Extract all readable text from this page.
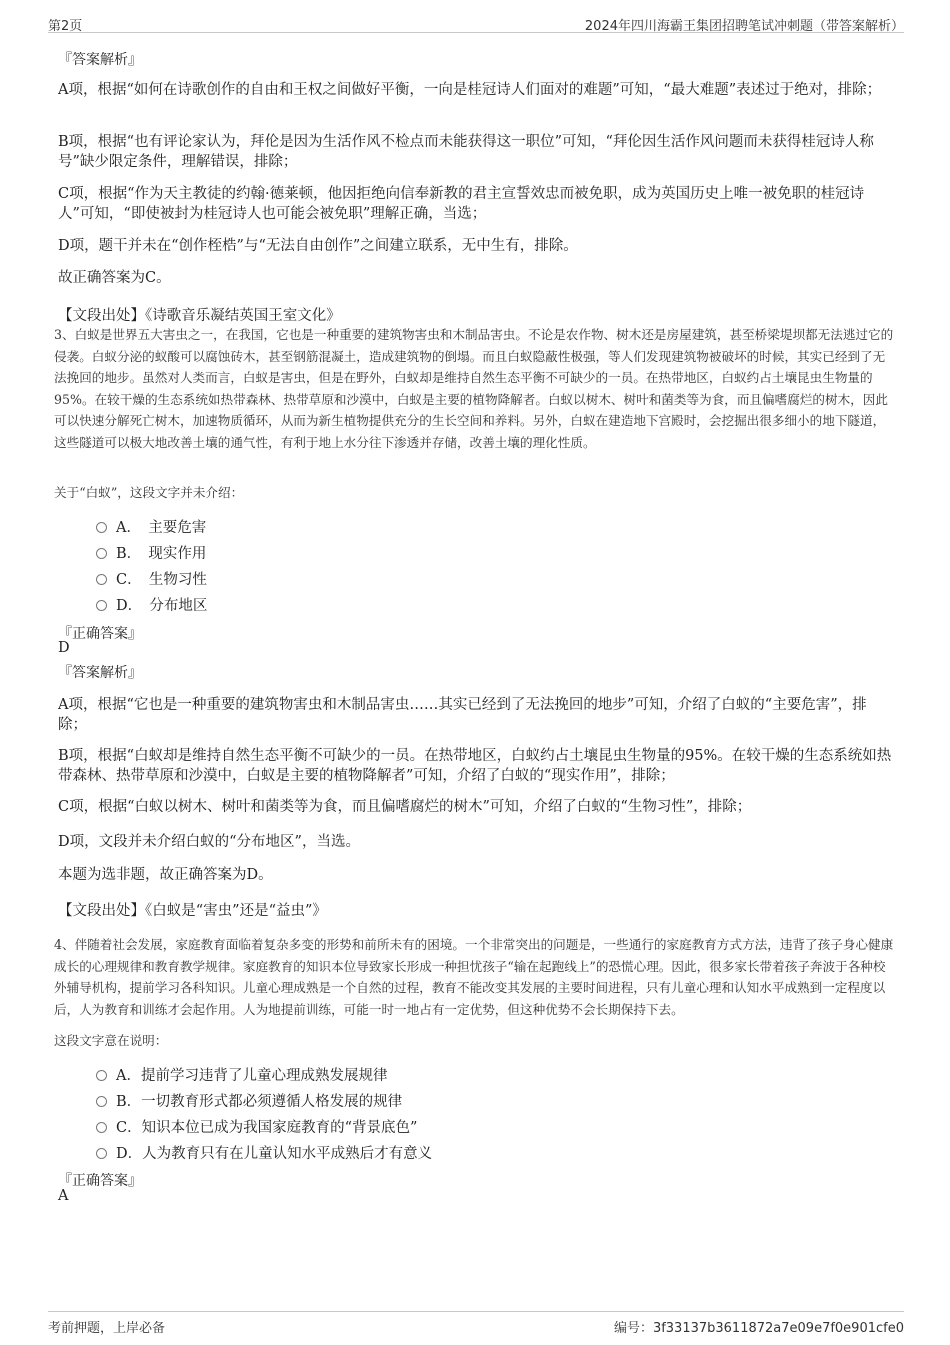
第2页	2024年四川海霸王集团招聘笔试冲刺题（带答案解析）
『答案解析』
A项，根据“如何在诗歌创作的自由和王权之间做好平衡，一向是桂冠诗人们面对的难题”可知，“最大难题”表述过于绝对，排除；
B项，根据“也有评论家认为，拜伦是因为生活作风不检点而未能获得这一职位”可知，“拜伦因生活作风问题而未获得桂冠诗人称号”缺少限定条件，理解错误，排除；
C项，根据“作为天主教徒的约翰·德莱顿，他因拒绝向信奉新教的君主宣誓效忠而被免职，成为英国历史上唯一被免职的桂冠诗人”可知，“即使被封为桂冠诗人也可能会被免职”理解正确，当选；
D项，题干并未在“创作桎梏”与“无法自由创作”之间建立联系，无中生有，排除。
故正确答案为C。
【文段出处】《诗歌音乐凝结英国王室文化》
3、白蚁是世界五大害虫之一，在我国，它也是一种重要的建筑物害虫和木制品害虫。不论是农作物、树木还是房屋建筑，甚至桥梁堤坝都无法逃过它的侵袭。白蚁分泌的蚁酸可以腐蚀砖木，甚至钢筋混凝土，造成建筑物的倒塌。而且白蚁隐蔽性极强，等人们发现建筑物被破坏的时候，其实已经到了无法挽回的地步。虽然对人类而言，白蚁是害虫，但是在野外，白蚁却是维持自然生态平衡不可缺少的一员。在热带地区，白蚁约占土壤昆虫生物量的95%。在较干燥的生态系统如热带森林、热带草原和沙漠中，白蚁是主要的植物降解者。白蚁以树木、树叶和菌类等为食，而且偏嗜腐烂的树木，因此可以快速分解死亡树木，加速物质循环，从而为新生植物提供充分的生长空间和养料。另外，白蚁在建造地下宫殿时，会挖掘出很多细小的地下隧道，这些隧道可以极大地改善土壤的通气性，有利于地上水分往下渗透并存储，改善土壤的理化性质。
关于“白蚁”，这段文字并未介绍：
A．　主要危害
B．　现实作用
C．　生物习性
D．　分布地区
『正确答案』
D
『答案解析』
A项，根据“它也是一种重要的建筑物害虫和木制品害虫……其实已经到了无法挽回的地步”可知，介绍了白蚁的“主要危害”，排除；
B项，根据“白蚁却是维持自然生态平衡不可缺少的一员。在热带地区，白蚁约占土壤昆虫生物量的95%。在较干燥的生态系统如热带森林、热带草原和沙漠中，白蚁是主要的植物降解者”可知，介绍了白蚁的“现实作用”，排除；
C项，根据“白蚁以树木、树叶和菌类等为食，而且偏嗜腐烂的树木”可知，介绍了白蚁的“生物习性”，排除；
D项，文段并未介绍白蚁的“分布地区”，当选。
本题为选非题，故正确答案为D。
【文段出处】《白蚁是“害虫”还是“益虫”》
4、伴随着社会发展，家庭教育面临着复杂多变的形势和前所未有的困境。一个非常突出的问题是，一些通行的家庭教育方式方法，违背了孩子身心健康成长的心理规律和教育教学规律。家庭教育的知识本位导致家长形成一种担忧孩子“输在起跑线上”的恐慌心理。因此，很多家长带着孩子奔波于各种校外辅导机构，提前学习各科知识。儿童心理成熟是一个自然的过程，教育不能改变其发展的主要时间进程，只有儿童心理和认知水平成熟到一定程度以后，人为教育和训练才会起作用。人为地提前训练，可能一时一地占有一定优势，但这种优势不会长期保持下去。
这段文字意在说明：
A．提前学习违背了儿童心理成熟发展规律
B．一切教育形式都必须遵循人格发展的规律
C．知识本位已成为我国家庭教育的“背景底色”
D．人为教育只有在儿童认知水平成熟后才有意义
『正确答案』
A
考前押题，上岸必备	编号：3f33137b3611872a7e09e7f0e901cfe0
